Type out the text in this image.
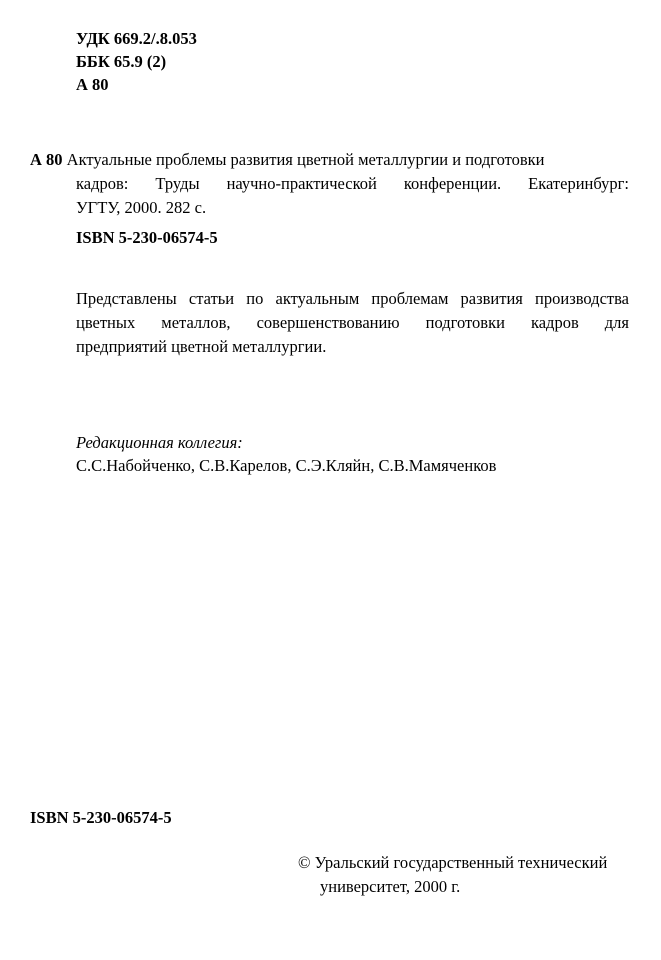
УДК 669.2/.8.053
ББК 65.9 (2)
А 80
А 80 Актуальные проблемы развития цветной металлургии и подготовки
кадров: Труды научно-практической конференции. Екатеринбург:
УГТУ, 2000. 282 с.
ISBN 5-230-06574-5
Представлены статьи по актуальным проблемам развития производства
цветных металлов, совершенствованию подготовки кадров для
предприятий цветной металлургии.
Редакционная коллегия:
С.С.Набойченко, С.В.Карелов, С.Э.Кляйн, С.В.Мамяченков
ISBN 5-230-06574-5
© Уральский государственный технический
университет, 2000 г.
